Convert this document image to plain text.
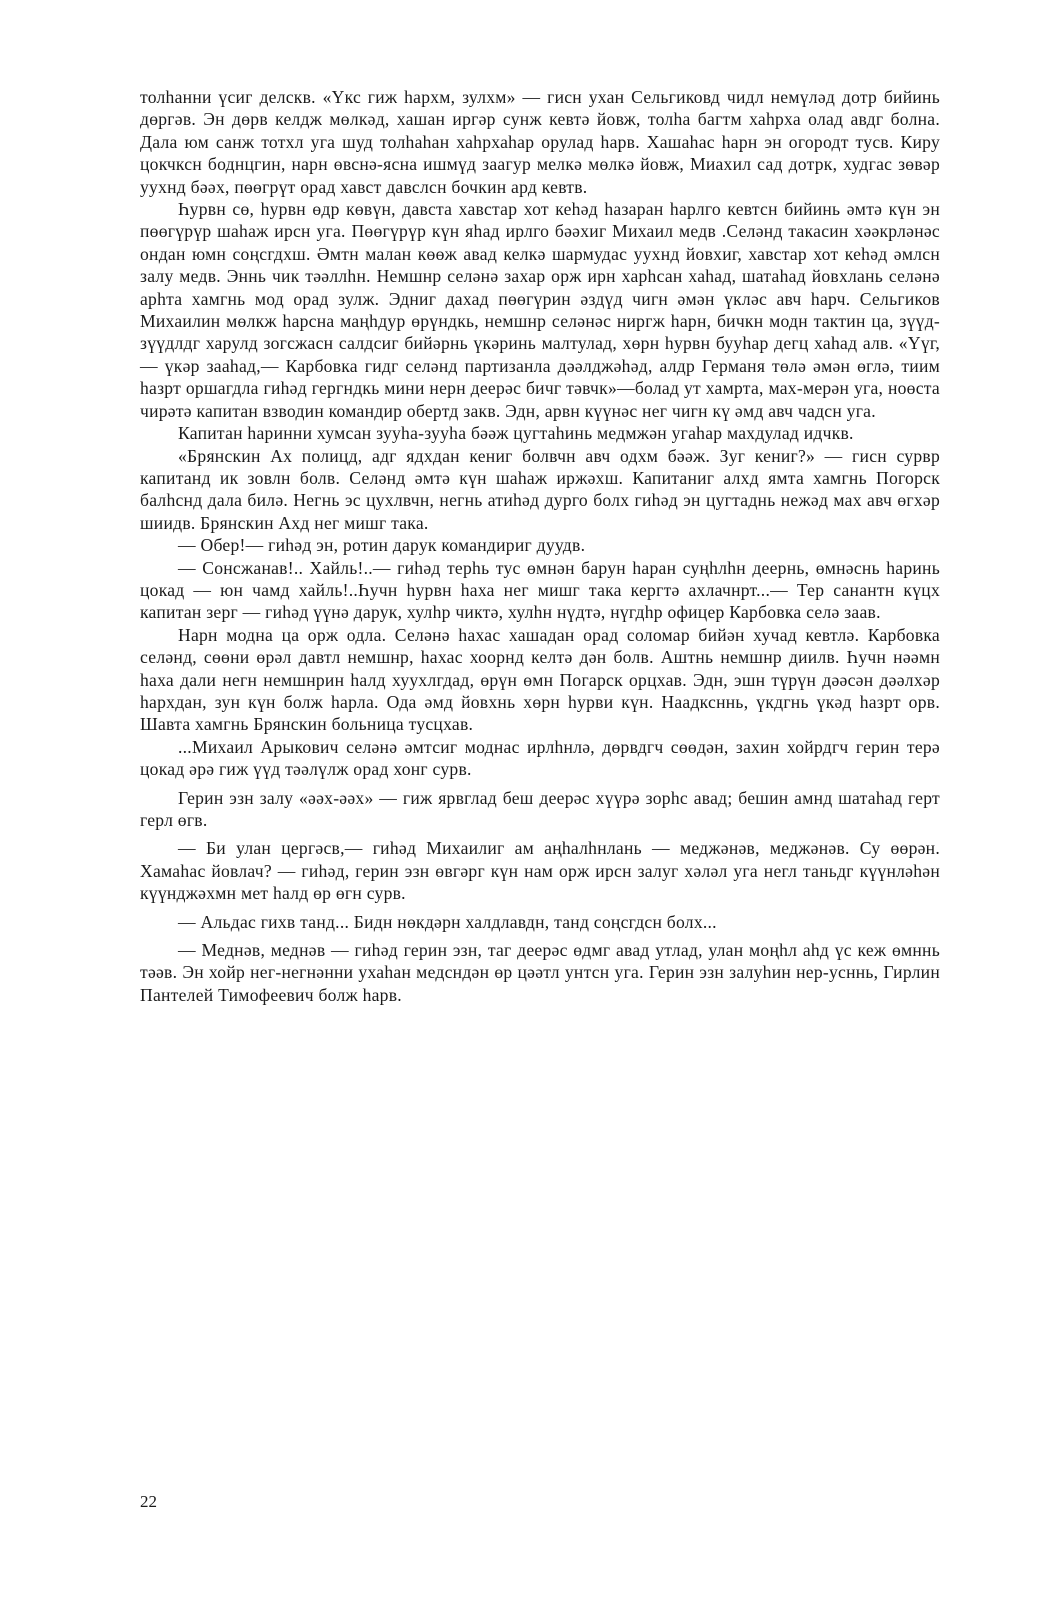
толһанни үсиг делскв. «Үкс гиж һархм, зулхм» — гисн ухан Сельгиковд чидл немүләд дотр бийинь дөргәв. Эн дөрв келдж мөлкәд, хашан иргәр сунж кевтә йовж, толһа багтм хаһрха олад авдг болна. Дала юм санж тотхл уга шуд толһаһан хаһрхаһар орулад һарв. Хашаһас һарн эн огородт тусв. Киру цокчксн боднцгин, нарн өвснә-ясна ишмүд заагур мелкә мөлкә йовж, Миахил сад дотрк, худгас зөвәр уухнд бәәх, пөөгрүт орад хавст давслсн бочкин ард кевтв.

Һурвн сө, һурвн өдр көвүн, давста хавстар хот кеһәд һазаран һарлго кевтсн бийинь әмтә күн эн пөөгүрүр шаһаж ирсн уга. Пөөгүрүр күн яһад ирлго бәәхиг Михаил медв .Селәнд такасин хәәкрләнәс ондан юмн соңсгдхш. Әмтн малан көөж авад келкә шармудас уухнд йовхиг, хавстар хот кеһәд әмлсн залу медв. Эннь чик тәәллһн. Немшнр селәнә захар орж ирн харһсан хаһад, шатаһад йовхлань селәнә арһта хамгнь мод орад зулж. Эдниг дахад пөөгүрин әздүд чигн әмән үкләс авч һарч. Сельгиков Михаилин мөлкж һарсна маңһдур өрүндкь, немшнр селәнәс ниргж һарн, бичкн модн тактин ца, зүүд-зүүдлдг харулд зогсжасн салдсиг бийәрнь үкәринь малтулад, хөрн һурвн бууһар дегц хаһад алв. «Үүг,— үкәр зааһад,— Карбовка гидг селәнд партизанла дәәлджәһәд, алдр Германя төлә әмән өглә, тиим һазрт оршагдла гиһәд гергндкь мини нерн деерәс бичг тәвчк»—болад ут хамрта, мах-мерән уга, ноөста чирәтә капитан взводин командир обертд закв. Эдн, арвн күүнәс нег чигн кү әмд авч чадсн уга.

Капитан һаринни хумсан зууһа-зууһа бәәж цугтаһинь медмжән угаһар махдулад идчкв.

«Брянскин Ах полицд, адг ядхдан кениг болвчн авч одхм бәәж. Зуг кениг?» — гисн сурвр капитанд ик зовлн болв. Селәнд әмтә күн шаһаж иржәхш. Капитаниг алхд ямта хамгнь Погорск балһснд дала билә. Негнь эс цухлвчн, негнь атиһәд дурго болх гиһәд эн цугтаднь нежәд мах авч өгхәр шиидв. Брянскин Ахд нег мишг така.

— Обер!— гиһәд эн, ротин дарук командириг дуудв.

— Сонсжанав!.. Хайль!..— гиһәд терһь тус өмнән барун һаран суңһлһн деернь, өмнәснь һаринь цокад — юн чамд хайль!..Һучн һурвн һаха нег мишг така кергтә ахлачнрт...— Тер санантн күцх капитан зерг — гиһәд үүнә дарук, хулһр чиктә, хулһн нүдтә, нүгдһр офицер Карбовка селә заав.

Нарн модна ца орж одла. Селәнә һахас хашадан орад соломар бийән хучад кевтлә. Карбовка селәнд, сөөни өрәл давтл немшнр, һахас хоорнд келтә дән болв. Аштнь немшнр диилв. Һучн нәәмн һаха дали негн немшнрин һалд хуухлгдад, өрүн өмн Погарск орцхав. Эдн, эшн түрүн дәәсән дәәлхәр һархдан, зун күн болж һарла. Ода әмд йовхнь хөрн һурви күн. Наадксннь, үкдгнь үкәд һазрт орв. Шавта хамгнь Брянскин больница тусцхав.

...Михаил Арыкович селәнә әмтсиг моднас ирлһнлә, дөрвдгч сөөдән, захин хойрдгч герин терә цокад әрә гиж үүд тәәлүлж орад хонг сурв.

Герин эзн залу «әәх-әәх» — гиж ярвглад беш деерәс хүүрә зорһс авад; бешин амнд шатаһад герт герл өгв.

— Би улан цергәсв,— гиһәд Михаилиг ам аңһалһнлань — меджәнәв, меджәнәв. Су өөрән. Хамаһас йовлач? — гиһәд, герин эзн өвгәрг күн нам орж ирсн залуг хәләл уга негл таньдг күүнләһән күүнджәхмн мет һалд өр өгн сурв.

— Альдас гихв танд... Бидн нөкдәрн халдлавдн, танд соңсгдсн болх...

— Меднәв, меднәв — гиһәд герин эзн, таг деерәс өдмг авад утлад, улан моңһл аһд үс кеж өмннь тәәв. Эн хойр нег-негнәнни ухаһан медсндән өр цәәтл унтсн уга. Герин эзн залуһин нер-усннь, Гирлин Пантелей Тимофеевич болж һарв.

22
